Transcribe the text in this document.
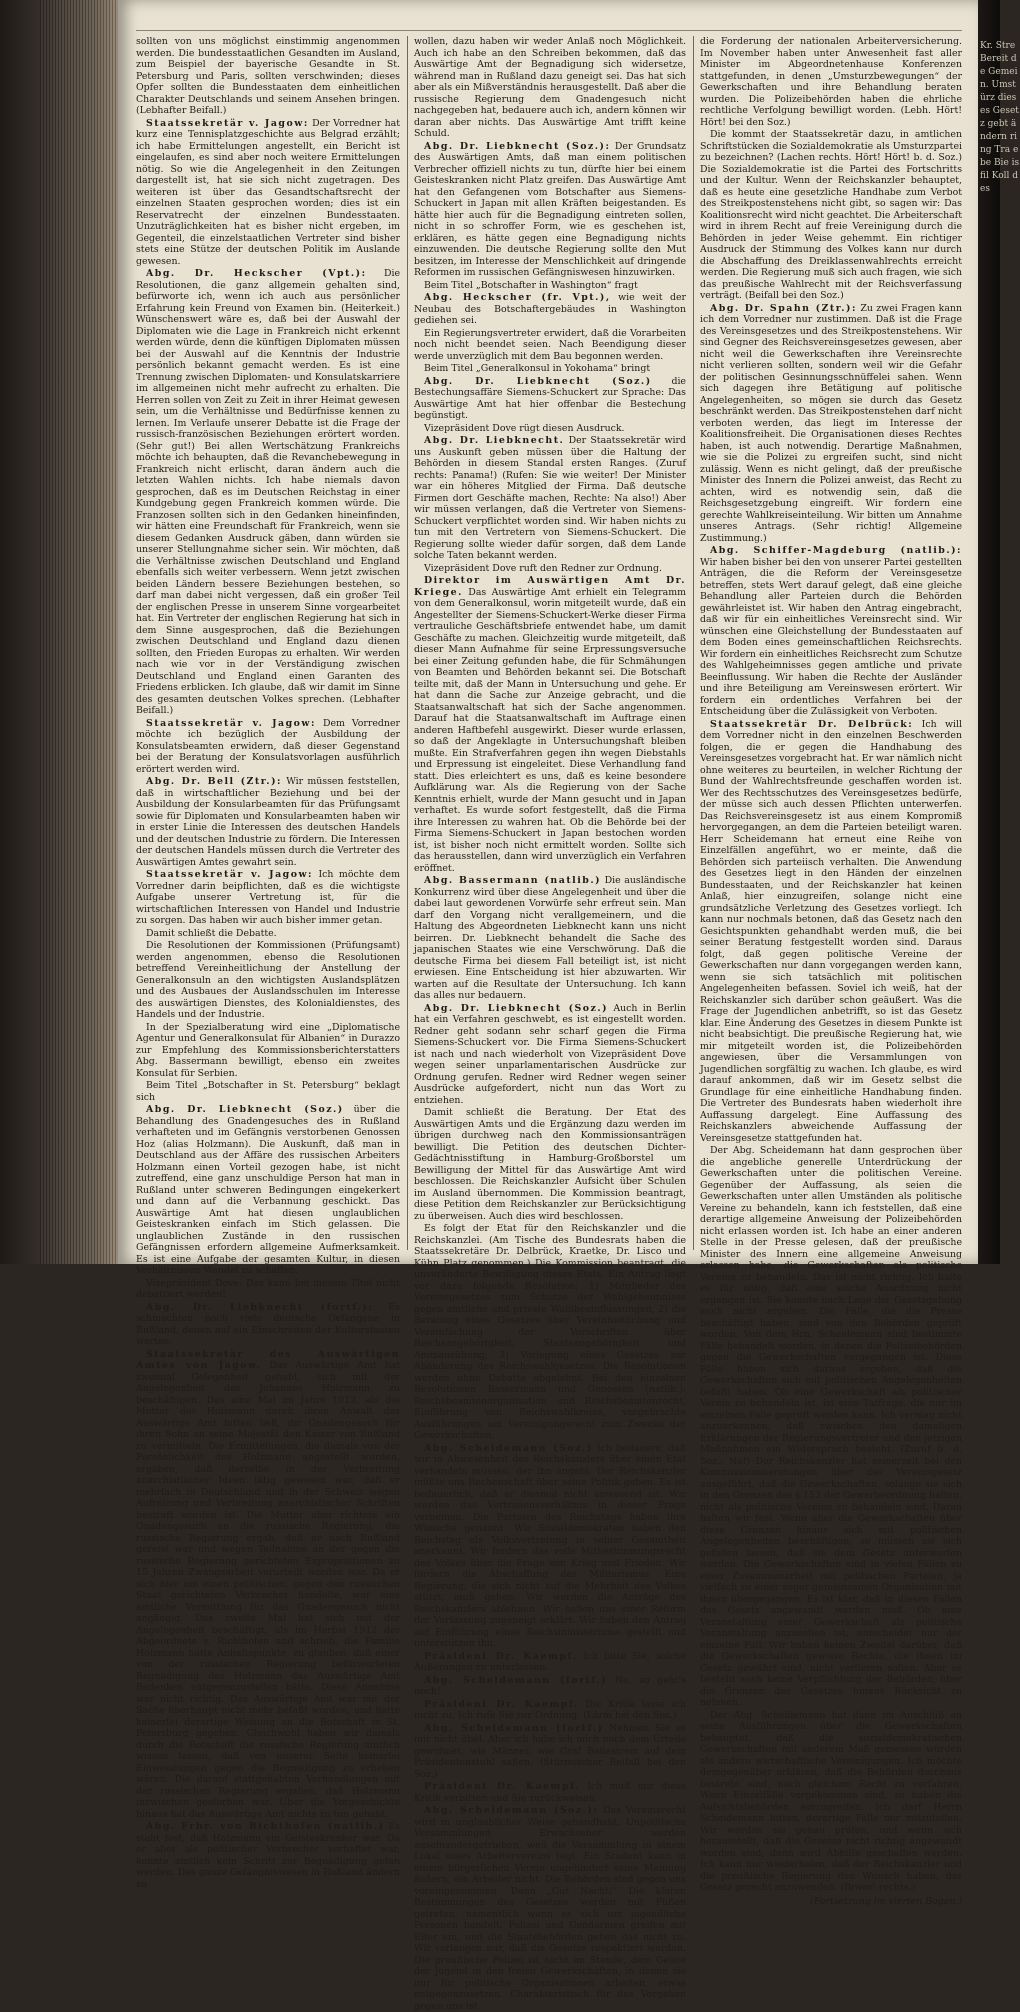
Kr. Stre Bereit de Gemein. Umstürz dieses Gesetz gebt ändern ring Tra ebe Bie is fil Koll des

sollten von uns möglichst einstimmig angenommen werden. Die bundesstaatlichen Gesandten im Ausland, zum Beispiel der bayerische Gesandte in St. Petersburg und Paris, sollten verschwinden; dieses Opfer sollten die Bundesstaaten dem einheitlichen Charakter Deutschlands und seinem Ansehen bringen. (Lebhafter Beifall.)

Staatssekretär v. Jagow: Der Vorredner hat kurz eine Tennisplatzgeschichte aus Belgrad erzählt; ich habe Ermittelungen angestellt, ein Bericht ist eingelaufen, es sind aber noch weitere Ermittelungen nötig. So wie die Angelegenheit in den Zeitungen dargestellt ist, hat sie sich nicht zugetragen. Des weiteren ist über das Gesandtschaftsrecht der einzelnen Staaten gesprochen worden; dies ist ein Reservatrecht der einzelnen Bundesstaaten. Unzuträglichkeiten hat es bisher nicht ergeben, im Gegenteil, die einzelstaatlichen Vertreter sind bisher stets eine Stütze der deutschen Politik im Auslande gewesen.

Abg. Dr. Heckscher (Vpt.): Die Resolutionen, die ganz allgemein gehalten sind, befürworte ich, wenn ich auch aus persönlicher Erfahrung kein Freund von Examen bin. (Heiterkeit.) Wünschenswert wäre es, daß bei der Auswahl der Diplomaten wie die Lage in Frankreich nicht erkennt werden würde, denn die künftigen Diplomaten müssen bei der Auswahl auf die Kenntnis der Industrie persönlich bekannt gemacht werden. Es ist eine Trennung zwischen Diplomaten- und Konsulatskarriere im allgemeinen nicht mehr aufrecht zu erhalten. Die Herren sollen von Zeit zu Zeit in ihrer Heimat gewesen sein, um die Verhältnisse und Bedürfnisse kennen zu lernen. Im Verlaufe unserer Debatte ist die Frage der russisch-französischen Beziehungen erörtert worden. (Sehr gut!) Bei allen Wertschätzung Frankreichs möchte ich behaupten, daß die Revanchebewegung in Frankreich nicht erlischt, daran ändern auch die letzten Wahlen nichts. Ich habe niemals davon gesprochen, daß es im Deutschen Reichstag in einer Kundgebung gegen Frankreich kommen würde. Die Franzosen sollten sich in den Gedanken hineinfinden, wir hätten eine Freundschaft für Frankreich, wenn sie diesem Gedanken Ausdruck gäben, dann würden sie unserer Stellungnahme sicher sein. Wir möchten, daß die Verhältnisse zwischen Deutschland und England ebenfalls sich weiter verbessern. Wenn jetzt zwischen beiden Ländern bessere Beziehungen bestehen, so darf man dabei nicht vergessen, daß ein großer Teil der englischen Presse in unserem Sinne vorgearbeitet hat. Ein Vertreter der englischen Regierung hat sich in dem Sinne ausgesprochen, daß die Beziehungen zwischen Deutschland und England dazu dienen sollten, den Frieden Europas zu erhalten. Wir werden nach wie vor in der Verständigung zwischen Deutschland und England einen Garanten des Friedens erblicken. Ich glaube, daß wir damit im Sinne des gesamten deutschen Volkes sprechen. (Lebhafter Beifall.)

Staatssekretär v. Jagow: Dem Vorredner möchte ich bezüglich der Ausbildung der Konsulatsbeamten erwidern, daß dieser Gegenstand bei der Beratung der Konsulatsvorlagen ausführlich erörtert werden wird.

Abg. Dr. Bell (Ztr.): Wir müssen feststellen, daß in wirtschaftlicher Beziehung und bei der Ausbildung der Konsularbeamten für das Prüfungsamt sowie für Diplomaten und Konsularbeamten haben wir in erster Linie die Interessen des deutschen Handels und der deutschen Industrie zu fördern. Die Interessen der deutschen Handels müssen durch die Vertreter des Auswärtigen Amtes gewahrt sein.

Staatssekretär v. Jagow: Ich möchte dem Vorredner darin beipflichten, daß es die wichtigste Aufgabe unserer Vertretung ist, für die wirtschaftlichen Interessen von Handel und Industrie zu sorgen. Das haben wir auch bisher immer getan.

Damit schließt die Debatte.

Die Resolutionen der Kommissionen (Prüfungsamt) werden angenommen, ebenso die Resolutionen betreffend Vereinheitlichung der Anstellung der Generalkonsuln an den wichtigsten Auslandsplätzen und des Ausbaues der Auslandsschulen im Interesse des auswärtigen Dienstes, des Kolonialdienstes, des Handels und der Industrie.

In der Spezialberatung wird eine „Diplomatische Agentur und Generalkonsulat für Albanien“ in Durazzo zur Empfehlung des Kommissionsberichterstatters Abg. Bassermann bewilligt, ebenso ein zweites Konsulat für Serbien.

Beim Titel „Botschafter in St. Petersburg“ beklagt sich

Abg. Dr. Liebknecht (Soz.) über die Behandlung des Gnadengesuches des in Rußland verhafteten und im Gefängnis verstorbenen Genossen Hoz (alias Holzmann). Die Auskunft, daß man in Deutschland aus der Affäre des russischen Arbeiters Holzmann einen Vorteil gezogen habe, ist nicht zutreffend, eine ganz unschuldige Person hat man in Rußland unter schweren Bedingungen eingekerkert und dann auf die Verbannung geschickt. Das Auswärtige Amt hat diesen unglaublichen Geisteskranken einfach im Stich gelassen. Die unglaublichen Zustände in den russischen Gefängnissen erfordern allgemeine Aufmerksamkeit. Es ist eine Aufgabe der gesamten Kultur, in diesen Verhältnissen Wandel zu schaffen.

Vizepräsident Dove: Das kann bei diesem Titel nicht debattiert werden!

Abg. Dr. Liebknecht (fortf.): Es schmachten noch viele deutsche Gefangene in Rußland, denen auf ein Einschreiten der Kulturstaaten warten.

Staatssekretär des Auswärtigen Amtes von Jagow. Das Auswärtige Amt hat zweimal Gelegenheit gehabt, sich mit der Angelegenheit des Johannes Holzmann zu beschäftigen. Das eine Mal im Jahre 1912, als die Mutter des Holzmann durch ihren Anwalt das Auswärtige Amt bitten ließ, ihr Gnadengesuch für ihren Sohn an seine Majestät den Kaiser von Rußland zu vermitteln. Die Ermittelungen, die damals von der Persönlichkeit des Holzmann angestellt wurden, ergaben, daß derselbe in der Verbreitung anarchistischer Ideen tätig gewesen war, daß er mehrfach in Deutschland und in der Schweiz wegen Aufreizung und Verbreitung anarchistischer Schriften bestraft worden ist. Die Mutter aber richtete ein Gnadengesuch an die russische Regierung, die russische Regierung ergab, daß er nach Rußland gereist war und wegen Teilnahme an der gegen die russische Regierung gerichteten Expropriationen zu 15 Jahren Zwangsarbeit verurteilt worden war. Da er sich hier um einen politischen, gegen den russischen Staat gerichteten Verbrecher handelte, war eine amtliche Vermittlung für das Gnadengesuch nicht angängig. Das zweite Mal hat sich mit der Angelegenheit beschäftigt, als im Herbst 1912 der Abgeordnete v. Richthofen und schrieb, die Familie Holzmann hätte Anhaltspunkte, zu glauben, daß einer von der russischen Regierung befürworteten Begnadigung des Holzmann das Auswärtige Amt Bedenken entgegenzustellen hätte. Diese Annahme war nicht richtig. Das Auswärtige Amt war mit der Sache überhaupt nicht mehr befaßt worden, und hatte keinerlei derartige Weisung an die Botschaft in St. Petersburg gegeben. Gleichwohl haben wir damals durch die Botschaft die russische Regierung amtlich wissen lassen, daß von unserer Seite keinerlei Einwendungen gegen die Begnadigung zu erheben wären. Die darauf stattgehabten Verhandlungen mit der russischen Regierung ergaben, daß Holzmann inzwischen gestorben war. Über die Vorgeschichte hinaus hat das Auswärtige Amt nichts zu tun gehabt.

Abg. Frhr. von Richthofen (natlib.) Es steht fest, daß Holzmann ein Geisteskranker war. Da er aber als politischer Verbrecher verhaftet war, konnte amtlich kein Schritt zur Begnadigung getan werden. Das ganze Gefängniswesen in Rußland ändern zu

wollen, dazu haben wir weder Anlaß noch Möglichkeit. Auch ich habe an den Schreiben bekommen, daß das Auswärtige Amt der Begnadigung sich widersetze, während man in Rußland dazu geneigt sei. Das hat sich aber als ein Mißverständnis herausgestellt. Daß aber die russische Regierung dem Gnadengesuch nicht nachgegeben hat, bedauere auch ich, andern können wir daran aber nichts. Das Auswärtige Amt trifft keine Schuld.

Abg. Dr. Liebknecht (Soz.): Der Grundsatz des Auswärtigen Amts, daß man einem politischen Verbrecher offiziell nichts zu tun, dürfte hier bei einem Geisteskranken nicht Platz greifen. Das Auswärtige Amt hat den Gefangenen vom Botschafter aus Siemens-Schuckert in Japan mit allen Kräften beigestanden. Es hätte hier auch für die Begnadigung eintreten sollen, nicht in so schroffer Form, wie es geschehen ist, erklären, es hätte gegen eine Begnadigung nichts einzuwenden. Die deutsche Regierung sollte den Mut besitzen, im Interesse der Menschlichkeit auf dringende Reformen im russischen Gefängniswesen hinzuwirken.

Beim Titel „Botschafter in Washington“ fragt

Abg. Heckscher (fr. Vpt.), wie weit der Neubau des Botschaftergebäudes in Washington gediehen sei.

Ein Regierungsvertreter erwidert, daß die Vorarbeiten noch nicht beendet seien. Nach Beendigung dieser werde unverzüglich mit dem Bau begonnen werden.

Beim Titel „Generalkonsul in Yokohama“ bringt

Abg. Dr. Liebknecht (Soz.) die Bestechungsaffäre Siemens-Schuckert zur Sprache: Das Auswärtige Amt hat hier offenbar die Bestechung begünstigt.

Vizepräsident Dove rügt diesen Ausdruck.

Abg. Dr. Liebknecht. Der Staatssekretär wird uns Auskunft geben müssen über die Haltung der Behörden in diesem Standal ersten Ranges. (Zuruf rechts: Panama!) (Rufen: Sie wie weiter! Der Minister war ein höheres Mitglied der Firma. Daß deutsche Firmen dort Geschäfte machen, Rechte: Na also!) Aber wir müssen verlangen, daß die Vertreter von Siemens-Schuckert verpflichtet worden sind. Wir haben nichts zu tun mit den Vertretern von Siemens-Schuckert. Die Regierung sollte wieder dafür sorgen, daß dem Lande solche Taten bekannt werden.

Vizepräsident Dove ruft den Redner zur Ordnung.

Direktor im Auswärtigen Amt Dr. Kriege. Das Auswärtige Amt erhielt ein Telegramm von dem Generalkonsul, worin mitgeteilt wurde, daß ein Angestellter der Siemens-Schuckert-Werke dieser Firma vertrauliche Geschäftsbriefe entwendet habe, um damit Geschäfte zu machen. Gleichzeitig wurde mitgeteilt, daß dieser Mann Aufnahme für seine Erpressungsversuche bei einer Zeitung gefunden habe, die für Schmähungen von Beamten und Behörden bekannt sei. Die Botschaft teilte mit, daß der Mann in Untersuchung und gehe. Er hat dann die Sache zur Anzeige gebracht, und die Staatsanwaltschaft hat sich der Sache angenommen. Darauf hat die Staatsanwaltschaft im Auftrage einen anderen Haftbefehl ausgewirkt. Dieser wurde erlassen, so daß der Angeklagte in Untersuchungshaft bleiben mußte. Ein Strafverfahren gegen ihn wegen Diebstahls und Erpressung ist eingeleitet. Diese Verhandlung fand statt. Dies erleichtert es uns, daß es keine besondere Aufklärung war. Als die Regierung von der Sache Kenntnis erhielt, wurde der Mann gesucht und in Japan verhaftet. Es wurde sofort festgestellt, daß die Firma ihre Interessen zu wahren hat. Ob die Behörde bei der Firma Siemens-Schuckert in Japan bestochen worden ist, ist bisher noch nicht ermittelt worden. Sollte sich das herausstellen, dann wird unverzüglich ein Verfahren eröffnet.

Abg. Bassermann (natlib.) Die ausländische Konkurrenz wird über diese Angelegenheit und über die dabei laut gewordenen Vorwürfe sehr erfreut sein. Man darf den Vorgang nicht verallgemeinern, und die Haltung des Abgeordneten Liebknecht kann uns nicht beirren. Dr. Liebknecht behandelt die Sache des japanischen Staates wie eine Verschwörung. Daß die deutsche Firma bei diesem Fall beteiligt ist, ist nicht erwiesen. Eine Entscheidung ist hier abzuwarten. Wir warten auf die Resultate der Untersuchung. Ich kann das alles nur bedauern.

Abg. Dr. Liebknecht (Soz.) Auch in Berlin hat ein Verfahren geschwebt, es ist eingestellt worden. Redner geht sodann sehr scharf gegen die Firma Siemens-Schuckert vor. Die Firma Siemens-Schuckert ist nach und nach wiederholt von Vizepräsident Dove wegen seiner unparlamentarischen Ausdrücke zur Ordnung gerufen. Redner wird Redner wegen seiner Ausdrücke aufgefordert, nicht nun das Wort zu entziehen.

Damit schließt die Beratung. Der Etat des Auswärtigen Amts und die Ergänzung dazu werden im übrigen durchweg nach den Kommissionsanträgen bewilligt. Die Petition des deutschen Dichter-Gedächtnisstiftung in Hamburg-Großborstel um Bewilligung der Mittel für das Auswärtige Amt wird beschlossen. Die Reichskanzler Aufsicht über Schulen im Ausland übernommen. Die Kommission beantragt, diese Petition dem Reichskanzler zur Berücksichtigung zu überweisen. Auch dies wird beschlossen.

Es folgt der Etat für den Reichskanzler und die Reichskanzlei. (Am Tische des Bundesrats haben die Staatssekretäre Dr. Delbrück, Kraetke, Dr. Lisco und Kühn Platz genommen.) Die Kommission beantragt, die unveränderte Bewilligung dieses Etats. Ein Antrag liegt vor dazu folgende Resolution: 1) Mitglieder des Vereinsgesetzes zum Schutze der Wahlgeheimnisse gegen amtliche und private Wahlbeeinflussungen, 2) die Beratung eines Gesetzes über Vereinheitlichung und Vereinfachung der Vorschriften über Reichsangehörigkeit, Staatsangehörigkeit und Amtsausübung, 3) Vorlegung eines Gesetzes zur Abänderung des Reichswahlgesetzes. Die Resolutionen werden ohne Debatte abgelehnt. Bei den einzelnen Resolutionen Bassermann und Genossen (natlib.): Reichsbeamtenorganisation und Reichsbeamtenrecht, Einführung von Reichswahlkreise, vorgebrachte Ausführungen um Vereinigungsrecht zum Zwecke der Gewerkschaften.

Abg. Scheidemann (Soz.) Ich bedauere, daß wir in Abwesenheit des Reichskanzlers über einen Etat verhandeln müssen, der ihn angeht. Der Reichskanzler müßte uns Rechenschaft über seine Politik geben. Es ist bedauerlich, daß er diesmal nicht anwesend ist. Wir werden das Vertrauensverhältnis in dieser Frage verneinen. Die Parteien des Reichstags haben ihre Wünsche genannt. Wir Sozialdemokraten haben den Reichstag als Volksvertretung in seiner Gesamtheit anerkannt. Wir fordern das volle Mitbestimmungsrecht des Volkes über die Frage von Krieg und Frieden. Wir fordern die Abschaffung des Militarismus. Eine Regierung, die sich nicht auf die Mehrheit des Volkes stützt, muß gehen. Wir werden die Anträge des Reichskanzlers ablehnen. Wir haben uns einer Reform der Verfassung zugeneigt erklärt. Wir haben den Antrag auf Einführung eines Reichsministeriums gestellt und unterstützen ihn.

Präsident Dr. Kaempf. Ich bitte Sie, solche Äußerungen zu unterlassen.

Abg. Scheidemann (fortf.) Na, so geht's noch!

Präsident Dr. Kaempf. Die Kritik lasse ich nicht zu. Ich rufe Sie zur Ordnung. (Lärm bei den Soz.)

Abg. Scheidemann (fortf.) Nehmen Sie es mir nicht übel. Aber ich habe ich mich noch dem Urteile gewidmet, wie Männer, wie Graf Ballestrem auf dem Präsidentenstuhl saßen. (Stürmischer Beifall bei den Soz.)

Präsident Dr. Kaempf. Ich muß mir diese Kritik verbitten und Sie zurückweisen.

Abg. Scheidemann (Soz.): Das Vereinsrecht wird in unglaublicher Weise gehandhabt. Unpolitische Versammlungen Erwachsener werden auseinandergetrieben, weil die Versammlung in einem Lokal eines Arbeitervereins tagt. Ein Student kann in einem bürgerlichen Verein ungehindert seine Meinung äußern, ein Arbeiter nicht. Die Behörden sind gegen uns voreingenommen. Dann „Gut Nacht!“ Die klaren Bestimmungen des Gesetzes werden mit Füßen getreten, namentlich wenn es sich um jugendliche Personen handelt. Polizei und Gendarmen greifen mit Eifer ein, und die Staatsbehörden geben das nicht zu. Wir verlangen nur, daß die Gesetze respektiert werden. Die preußische Polizei ist nicht im Stande, dem Geiste der Jugend in den freien Gewerkschaften, in denen sie nur für politische Organisationen arbeiten, etwas entgegenzusetzen. Charakteristisch für das Vorgehen gegen uns ist

die Forderung der nationalen Arbeiterversicherung. Im November haben unter Anwesenheit fast aller Minister im Abgeordnetenhause Konferenzen stattgefunden, in denen „Umsturzbewegungen“ der Gewerkschaften und ihre Behandlung beraten wurden. Die Polizeibehörden haben die ehrliche rechtliche Verfolgung bewilligt worden. (Lebh. Hört! Hört! bei den Soz.)

Die kommt der Staatssekretär dazu, in amtlichen Schriftstücken die Sozialdemokratie als Umsturzpartei zu bezeichnen? (Lachen rechts. Hört! Hört! b. d. Soz.) Die Sozialdemokratie ist die Partei des Fortschritts und der Kultur. Wenn der Reichskanzler behauptet, daß es heute eine gesetzliche Handhabe zum Verbot des Streikpostenstehens nicht gibt, so sagen wir: Das Koalitionsrecht wird nicht geachtet. Die Arbeiterschaft wird in ihrem Recht auf freie Vereinigung durch die Behörden in jeder Weise gehemmt. Ein richtiger Ausdruck der Stimmung des Volkes kann nur durch die Abschaffung des Dreiklassenwahlrechts erreicht werden. Die Regierung muß sich auch fragen, wie sich das preußische Wahlrecht mit der Reichsverfassung verträgt. (Beifall bei den Soz.)

Abg. Dr. Spahn (Ztr.): Zu zwei Fragen kann ich dem Vorredner nur zustimmen. Daß ist die Frage des Vereinsgesetzes und des Streikpostenstehens. Wir sind Gegner des Reichsvereinsgesetzes gewesen, aber nicht weil die Gewerkschaften ihre Vereinsrechte nicht verlieren sollten, sondern weil wir die Gefahr der politischen Gesinnungsschnüffelei sahen. Wenn sich dagegen ihre Betätigung auf politische Angelegenheiten, so mögen sie durch das Gesetz beschränkt werden. Das Streikpostenstehen darf nicht verboten werden, das liegt im Interesse der Koalitionsfreiheit. Die Organisationen dieses Rechtes haben, ist auch notwendig. Derartige Maßnahmen, wie sie die Polizei zu ergreifen sucht, sind nicht zulässig. Wenn es nicht gelingt, daß der preußische Minister des Innern die Polizei anweist, das Recht zu achten, wird es notwendig sein, daß die Reichsgesetzgebung eingreift. Wir fordern eine gerechte Wahlkreiseinteilung. Wir bitten um Annahme unseres Antrags. (Sehr richtig! Allgemeine Zustimmung.)

Abg. Schiffer-Magdeburg (natlib.): Wir haben bisher bei den von unserer Partei gestellten Anträgen, die die Reform der Vereinsgesetze betreffen, stets Wert darauf gelegt, daß eine gleiche Behandlung aller Parteien durch die Behörden gewährleistet ist. Wir haben den Antrag eingebracht, daß wir für ein einheitliches Vereinsrecht sind. Wir wünschen eine Gleichstellung der Bundesstaaten auf dem Boden eines gemeinschaftlichen Reichsrechts. Wir fordern ein einheitliches Reichsrecht zum Schutze des Wahlgeheimnisses gegen amtliche und private Beeinflussung. Wir haben die Rechte der Ausländer und ihre Beteiligung am Vereinswesen erörtert. Wir fordern ein ordentliches Verfahren bei der Entscheidung über die Zulässigkeit von Verboten.

Staatssekretär Dr. Delbrück: Ich will dem Vorredner nicht in den einzelnen Beschwerden folgen, die er gegen die Handhabung des Vereinsgesetzes vorgebracht hat. Er war nämlich nicht ohne weiteres zu beurteilen, in welcher Richtung der Bund der Wahlrechtsfreunde geschaffen worden ist. Wer des Rechtsschutzes des Vereinsgesetzes bedürfe, der müsse sich auch dessen Pflichten unterwerfen. Das Reichsvereinsgesetz ist aus einem Kompromiß hervorgegangen, an dem die Parteien beteiligt waren. Herr Scheidemann hat erneut eine Reihe von Einzelfällen angeführt, wo er meinte, daß die Behörden sich parteiisch verhalten. Die Anwendung des Gesetzes liegt in den Händen der einzelnen Bundesstaaten, und der Reichskanzler hat keinen Anlaß, hier einzugreifen, solange nicht eine grundsätzliche Verletzung des Gesetzes vorliegt. Ich kann nur nochmals betonen, daß das Gesetz nach den Gesichtspunkten gehandhabt werden muß, die bei seiner Beratung festgestellt worden sind. Daraus folgt, daß gegen politische Vereine der Gewerkschaften nur dann vorgegangen werden kann, wenn sie sich tatsächlich mit politischen Angelegenheiten befassen. Soviel ich weiß, hat der Reichskanzler sich darüber schon geäußert. Was die Frage der Jugendlichen anbetrifft, so ist das Gesetz klar. Eine Änderung des Gesetzes in diesem Punkte ist nicht beabsichtigt. Die preußische Regierung hat, wie mir mitgeteilt worden ist, die Polizeibehörden angewiesen, über die Versammlungen von Jugendlichen sorgfältig zu wachen. Ich glaube, es wird darauf ankommen, daß wir im Gesetz selbst die Grundlage für eine einheitliche Handhabung finden. Die Vertreter des Bundesrats haben wiederholt ihre Auffassung dargelegt. Eine Auffassung des Reichskanzlers abweichende Auffassung der Vereinsgesetze stattgefunden hat.

Der Abg. Scheidemann hat dann gesprochen über die angebliche generelle Unterdrückung der Gewerkschaften unter die politischen Vereine. Gegenüber der Auffassung, als seien die Gewerkschaften unter allen Umständen als politische Vereine zu behandeln, kann ich feststellen, daß eine derartige allgemeine Anweisung der Polizeibehörden nicht erlassen worden ist. Ich habe an einer anderen Stelle in der Presse gelesen, daß der preußische Minister des Innern eine allgemeine Anweisung erlassen habe, die Gewerkschaften als politische Vereine zu behandeln. Das ist nicht richtig. Ich halte es für nötig, daß eine solche Anordnung nicht ergangen ist. Sie konnte nach Lage der Gesetzgebung auch nicht ergehen. Die Fälle, die die Presse beschäftigt haben, sind von den Behörden geprüft worden. Von dem Hrn. Scheidemann sind bestimmte Fälle behandelt worden, in denen die Polizeibehörden gegen die Gewerkschaften vorgegangen ist. Diese Fälle haben sich daraus ergeben, daß die Gewerkschaften sich mit politischen Angelegenheiten befaßt haben. Ob eine Gewerkschaft als politischer Verein zu behandeln ist, ist eine Tatfrage, die nur im einzelnen Falle geprüft werden kann. Ich vermag nicht anzuerkennen, daß zwischen den damaligen Erklärungen der Regierungsvertreter und den jetzigen Maßnahmen ein Widerspruch besteht. (Zuruf b. d. Soz.: Na!) Der Reichskanzler hat seinerzeit bei den Kommissionsberatungen über das Vereinsgesetz ausgeführt, daß die Gewerkschaften, solange sie sich in den Grenzen des § 152 der Gewerbeordnung halten, nicht als politische Vereine zu behandeln sind. Daran halten wir fest. Wenn aber die Gewerkschaften über diese Grenzen hinaus sich mit politischen Angelegenheiten beschäftigen, so müssen sie sich gefallen lassen, daß sie dem Gesetz unterworfen werden. Die Gewerkschaften sind in vielen Fällen zu einer Zusammenarbeit mit politischen Parteien, ja vielfach zu einer sogar gemeinsamen Organisation mit ihnen übergegangen. Es ist klar, daß in diesen Fällen das Gesetz angewandt werden muß. Ob eine Veranstaltung einer Gewerkschaft als politische Veranstaltung anzusehen ist, entscheidet nur der einzelne Fall. Wir haben keinen Zweifel darüber, daß die Gewerkschaften gewisse Rechte, die ihnen im Gesetz gewährt sind, nicht verlieren sollen. Aber es besteht auch keine Verpflichtung der Behörden, über die Grenzen des Gesetzes hinaus Rücksicht zu nehmen.

Der Abg. Scheidemann hat dann im Anschluß an seine Ausführungen über die Gewerkschaften behauptet, daß die sozialdemokratischen Gewerkschaften mit anderem Maß gemessen würden als andere wirtschaftliche Vereinigungen. Ich möchte demgegenüber erklären, daß die Behörden durchaus bestrebt sind, nach gleichem Recht zu verfahren. Wenn Einzelfälle vorgekommen sind, so haben die Aufsichtsbehörden einzugreifen. Ich darf Herrn Scheidemann bitten, derartige Fälle mir mitzuteilen. Wir werden sie genau prüfen, und wenn sich herausstellt, daß die Gesetze nicht richtig angewandt worden sind, dann wird Abhilfe geschaffen werden. Ich kann nur wiederholen, daß der Reichskanzler und die preußische Regierung den Wunsch haben, das Gesetz gerecht anzuwenden. (Bravo! rechts.)

(Fortsetzung im vierten Bogen.)
